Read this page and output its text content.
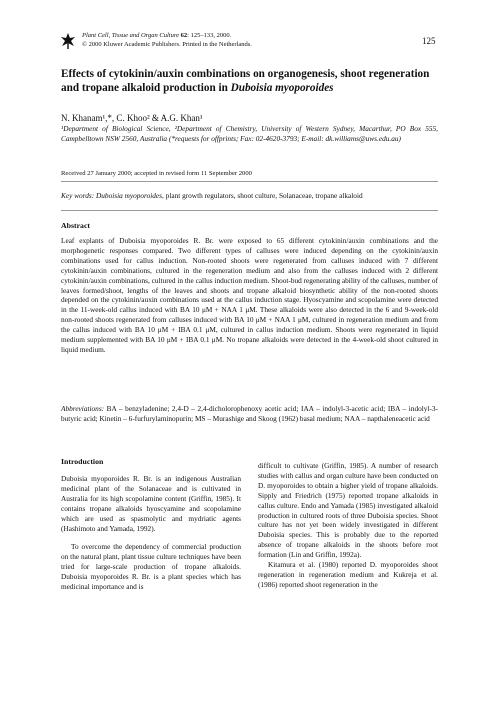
Plant Cell, Tissue and Organ Culture 62: 125–133, 2000.
© 2000 Kluwer Academic Publishers. Printed in the Netherlands.	125
Effects of cytokinin/auxin combinations on organogenesis, shoot regeneration and tropane alkaloid production in Duboisia myoporoides
N. Khanam¹,*, C. Khoo² & A.G. Khan¹
¹Department of Biological Science, ²Department of Chemistry, University of Western Sydney, Macarthur, PO Box 555, Campbelltown NSW 2560, Australia (*requests for offprints; Fax: 02-4620-3793; E-mail: dk.williams@uws.edu.au)
Received 27 January 2000; accepted in revised form 11 September 2000
Key words: Duboisia myoporoides, plant growth regulators, shoot culture, Solanaceae, tropane alkaloid
Abstract
Leaf explants of Duboisia myoporoides R. Br. were exposed to 65 different cytokinin/auxin combinations and the morphogenetic responses compared. Two different types of calluses were induced depending on the cytokinin/auxin combinations used for callus induction. Non-rooted shoots were regenerated from calluses induced with 7 different cytokinin/auxin combinations, cultured in the regeneration medium and also from the calluses induced with 2 different cytokinin/auxin combinations, cultured in the callus induction medium. Shoot-bud regenerating ability of the calluses, number of leaves formed/shoot, lengths of the leaves and shoots and tropane alkaloid biosynthetic ability of the non-rooted shoots depended on the cytokinin/auxin combinations used at the callus induction stage. Hyoscyamine and scopolamine were detected in the 11-week-old callus induced with BA 10 μM + NAA 1 μM. These alkaloids were also detected in the 6 and 9-week-old non-rooted shoots regenerated from calluses induced with BA 10 μM + NAA 1 μM, cultured in regeneration medium and from the callus induced with BA 10 μM + IBA 0.1 μM, cultured in callus induction medium. Shoots were regenerated in liquid medium supplemented with BA 10 μM + IBA 0.1 μM. No tropane alkaloids were detected in the 4-week-old shoot cultured in liquid medium.
Abbreviations: BA – benzyladenine; 2,4-D – 2,4-dicholorophenoxy acetic acid; IAA – indolyl-3-acetic acid; IBA – indolyl-3-butyric acid; Kinetin – 6-furfurylaminopurin; MS – Murashige and Skoog (1962) basal medium; NAA – napthaleneacetic acid
Introduction

Duboisia myoporoides R. Br. is an indigenous Australian medicinal plant of the Solanaceae and is cultivated in Australia for its high scopolamine content (Griffin, 1985). It contains tropane alkaloids hyoscyamine and scopolamine which are used as spasmolytic and mydriatic agents (Hashimoto and Yamada, 1992).

To overcome the dependency of commercial production on the natural plant, plant tissue culture techniques have been tried for large-scale production of tropane alkaloids. Duboisia myoporoides R. Br. is a plant species which has medicinal importance and is

difficult to cultivate (Griffin, 1985). A number of research studies with callus and organ culture have been conducted on D. myoporoides to obtain a higher yield of tropane alkaloids. Sipply and Friedrich (1975) reported tropane alkaloids in callus culture. Endo and Yamada (1985) investigated alkaloid production in cultured roots of three Duboisia species. Shoot culture has not yet been widely investigated in different Duboisia species. This is probably due to the reported absence of tropane alkaloids in the shoots before root formation (Lin and Griffin, 1992a).

Kitamura et al. (1980) reported D. myoporoides shoot regeneration in regeneration medium and Kukreja et al. (1986) reported shoot regeneration in the
